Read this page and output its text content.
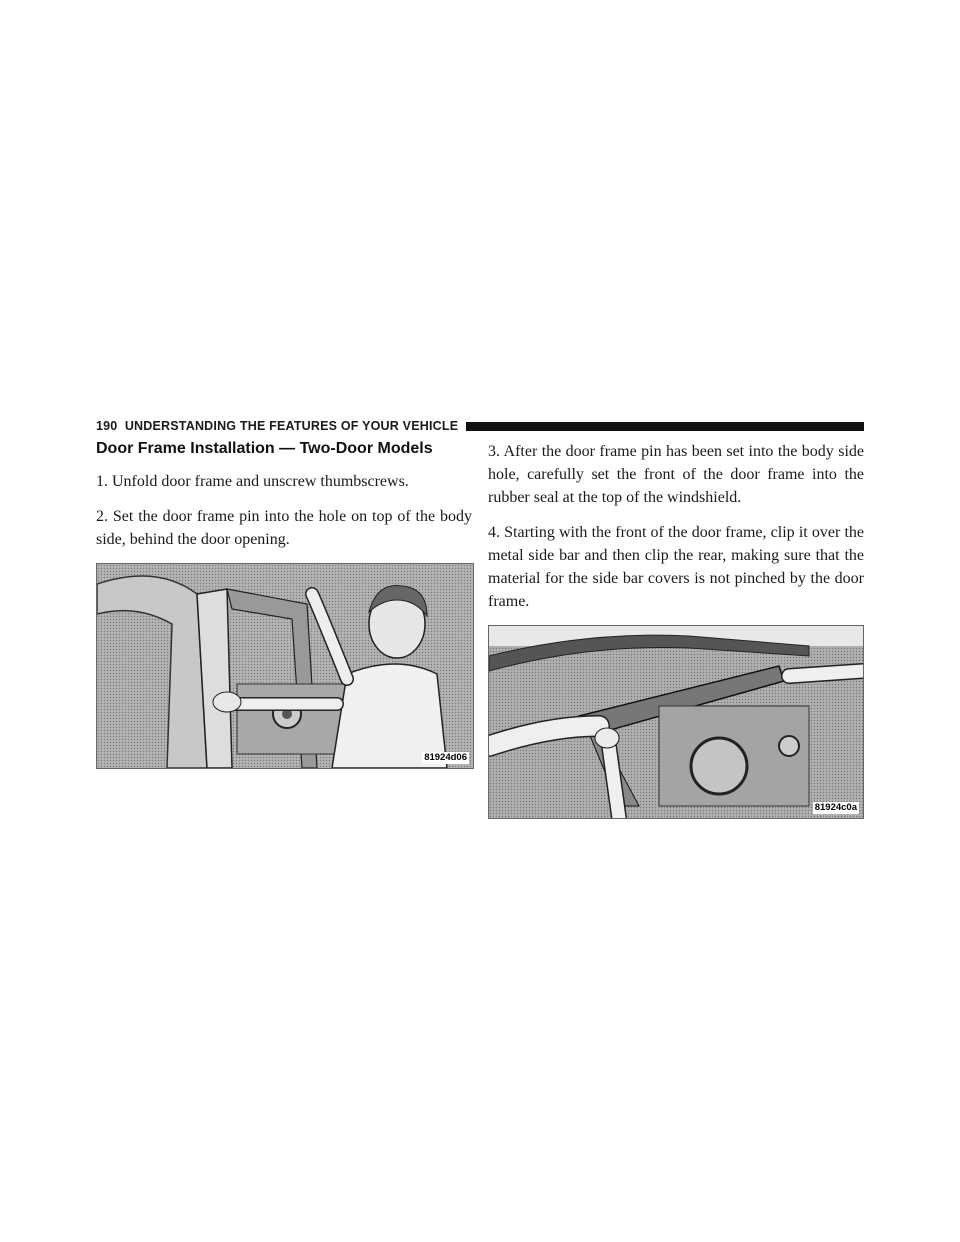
190 UNDERSTANDING THE FEATURES OF YOUR VEHICLE
Door Frame Installation — Two-Door Models

1. Unfold door frame and unscrew thumbscrews.

2. Set the door frame pin into the hole on top of the body side, behind the door opening.

81924d06

3. After the door frame pin has been set into the body side hole, carefully set the front of the door frame into the rubber seal at the top of the windshield.

4. Starting with the front of the door frame, clip it over the metal side bar and then clip the rear, making sure that the material for the side bar covers is not pinched by the door frame.

81924c0a
